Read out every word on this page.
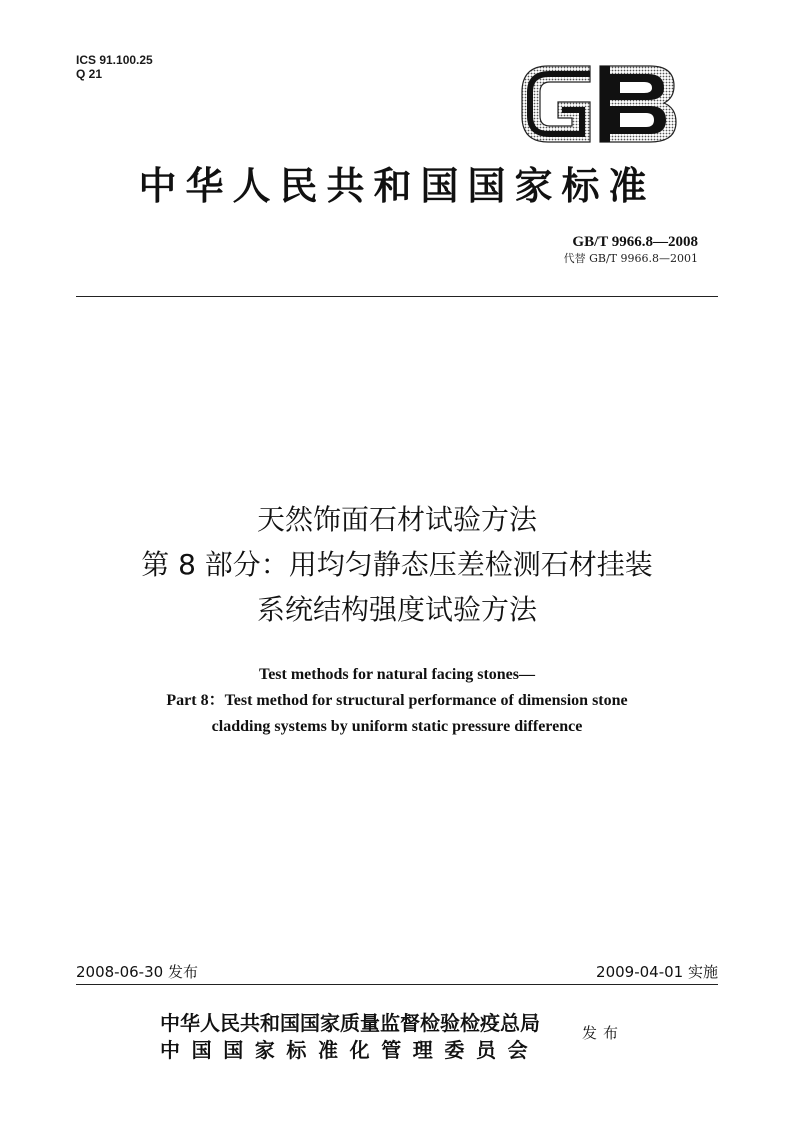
ICS 91.100.25
Q 21
中华人民共和国国家标准
GB/T 9966.8—2008
代替 GB/T 9966.8—2001
天然饰面石材试验方法
第 8 部分：用均匀静态压差检测石材挂装
系统结构强度试验方法
Test methods for natural facing stones—
Part 8：Test method for structural performance of dimension stone
cladding systems by uniform static pressure difference
2008-06-30 发布	2009-04-01 实施
中华人民共和国国家质量监督检验检疫总局
中国国家标准化管理委员会
发布
